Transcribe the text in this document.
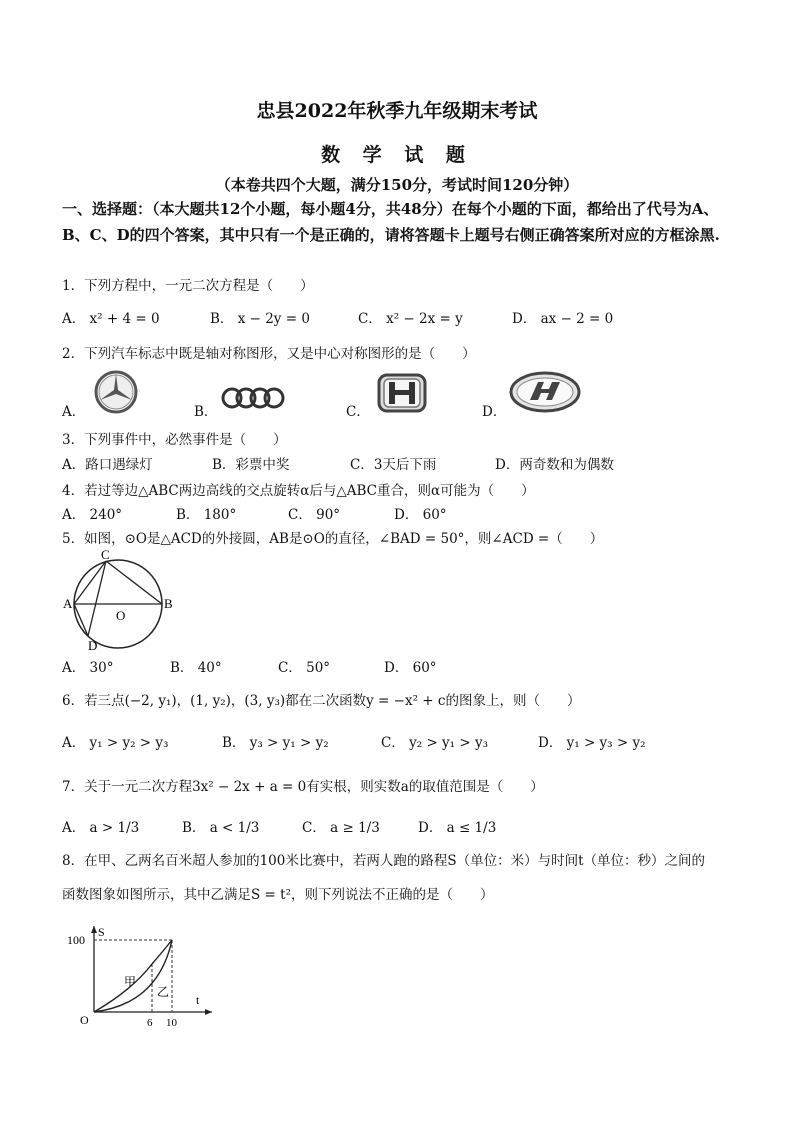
忠县2022年秋季九年级期末考试
数 学 试 题
（本卷共四个大题，满分150分，考试时间120分钟）
一、选择题：（本大题共12个小题，每小题4分，共48分）在每个小题的下面，都给出了代号为A、B、C、D的四个答案，其中只有一个是正确的，请将答题卡上题号右侧正确答案所对应的方框涂黑.
1．下列方程中，一元二次方程是（　　）
A． x² + 4 = 0	B． x − 2y = 0	C． x² − 2x = y	D． ax − 2 = 0
2．下列汽车标志中既是轴对称图形，又是中心对称图形的是（　　）
A．	B．	C．	D．
3．下列事件中，必然事件是（　　）
A．路口遇绿灯	B．彩票中奖	C．3天后下雨	D．两奇数和为偶数
4．若过等边△ABC两边高线的交点旋转α后与△ABC重合，则α可能为（　　）
A． 240°	B． 180°	C． 90°	D． 60°
5．如图，⊙O是△ACD的外接圆，AB是⊙O的直径，∠BAD = 50°，则∠ACD =（　　）
C
A
O
B
D
A． 30°	B． 40°	C． 50°	D． 60°
6．若三点(−2, y₁)，(1, y₂)，(3, y₃)都在二次函数y = −x² + c的图象上，则（　　）
A． y₁ > y₂ > y₃	B． y₃ > y₁ > y₂	C． y₂ > y₁ > y₃	D． y₁ > y₃ > y₂
7．关于一元二次方程3x² − 2x + a = 0有实根，则实数a的取值范围是（　　）
A． a > 1/3	B． a < 1/3	C． a ≥ 1/3	D． a ≤ 1/3
8．在甲、乙两名百米超人参加的100米比赛中，若两人跑的路程S（单位：米）与时间t（单位：秒）之间的
函数图象如图所示，其中乙满足S = t²，则下列说法不正确的是（　　）
S
100
t
O	6 10
甲
乙
